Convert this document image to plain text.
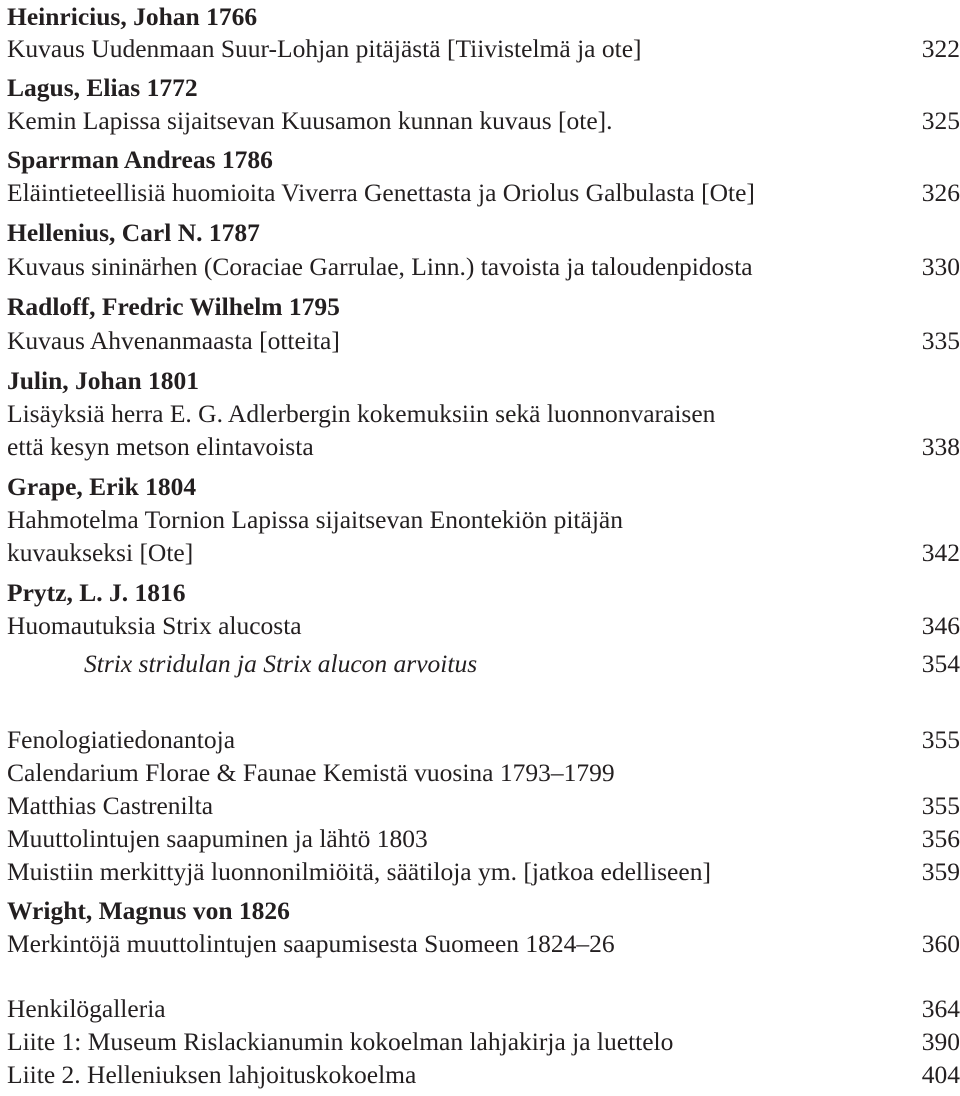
Heinricius, Johan 1766
Kuvaus Uudenmaan Suur-Lohjan pitäjästä [Tiivistelmä ja ote]	322
Lagus, Elias 1772
Kemin Lapissa sijaitsevan Kuusamon kunnan kuvaus [ote].	325
Sparrman Andreas 1786
Eläintieteellisiä huomioita Viverra Genettasta ja Oriolus Galbulasta [Ote]	326
Hellenius, Carl N. 1787
Kuvaus sininärhen (Coraciae Garrulae, Linn.) tavoista ja taloudenpidosta	330
Radloff, Fredric Wilhelm 1795
Kuvaus Ahvenanmaasta [otteita]	335
Julin, Johan 1801
Lisäyksiä herra E. G. Adlerbergin kokemuksiin sekä luonnonvaraisen
että kesyn metson elintavoista	338
Grape, Erik 1804
Hahmotelma Tornion Lapissa sijaitsevan Enontekiön pitäjän
kuvaukseksi [Ote]	342
Prytz, L. J. 1816
Huomautuksia Strix alucosta	346
Strix stridulan ja Strix alucon arvoitus	354
Fenologiatiedonantoja	355
Calendarium Florae & Faunae Kemistä vuosina 1793–1799
Matthias Castrenilta	355
Muuttolintujen saapuminen ja lähtö 1803	356
Muistiin merkittyjä luonnonilmiöitä, säätiloja ym. [jatkoa edelliseen]	359
Wright, Magnus von 1826
Merkintöjä muuttolintujen saapumisesta Suomeen 1824–26	360
Henkilögalleria	364
Liite 1: Museum Rislackianumin kokoelman lahjakirja ja luettelo	390
Liite 2. Helleniuksen lahjoituskokoelma	404
